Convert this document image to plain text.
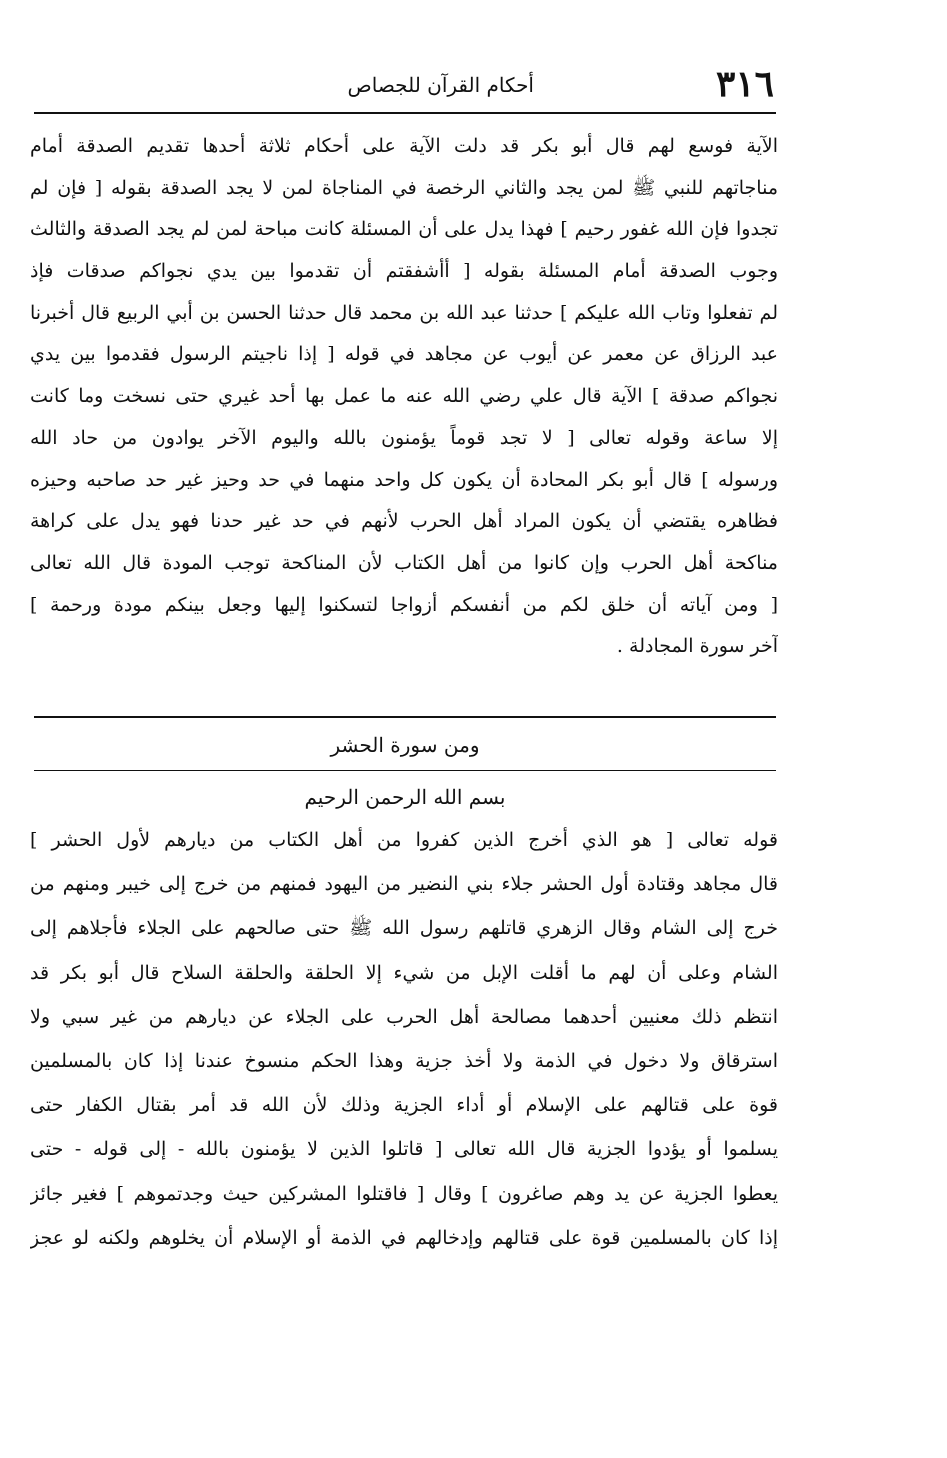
٣١٦
أحكام القرآن للجصاص
الآية فوسع لهم قال أبو بكر قد دلت الآية على أحكام ثلاثة أحدها تقديم الصدقة أمام
مناجاتهم للنبي ﷺ لمن يجد والثاني الرخصة في المناجاة لمن لا يجد الصدقة بقوله [ فإن لم
تجدوا فإن الله غفور رحيم ] فهذا يدل على أن المسئلة كانت مباحة لمن لم يجد الصدقة والثالث
وجوب الصدقة أمام المسئلة بقوله [ أأشفقتم أن تقدموا بين يدي نجواكم صدقات فإذ
لم تفعلوا وتاب الله عليكم ] حدثنا عبد الله بن محمد قال حدثنا الحسن بن أبي الربيع قال أخبرنا
عبد الرزاق عن معمر عن أيوب عن مجاهد في قوله [ إذا ناجيتم الرسول فقدموا بين يدي
نجواكم صدقة ] الآية قال علي رضي الله عنه ما عمل بها أحد غيري حتى نسخت وما كانت
إلا ساعة وقوله تعالى [ لا تجد قوماً يؤمنون بالله واليوم الآخر يوادون من حاد الله
ورسوله ] قال أبو بكر المحادة أن يكون كل واحد منهما في حد وحيز غير حد صاحبه وحيزه
فظاهره يقتضي أن يكون المراد أهل الحرب لأنهم في حد غير حدنا فهو يدل على كراهة
مناكحة أهل الحرب وإن كانوا من أهل الكتاب لأن المناكحة توجب المودة قال الله تعالى
[ ومن آياته أن خلق لكم من أنفسكم أزواجا لتسكنوا إليها وجعل بينكم مودة ورحمة ]
آخر سورة المجادلة .
ومن سورة الحشر
بسم الله الرحمن الرحيم
قوله تعالى [ هو الذي أخرج الذين كفروا من أهل الكتاب من ديارهم لأول الحشر ]
قال مجاهد وقتادة أول الحشر جلاء بني النضير من اليهود فمنهم من خرج إلى خيبر ومنهم من
خرج إلى الشام وقال الزهري قاتلهم رسول الله ﷺ حتى صالحهم على الجلاء فأجلاهم إلى
الشام وعلى أن لهم ما أقلت الإبل من شيء إلا الحلقة والحلقة السلاح قال أبو بكر قد
انتظم ذلك معنيين أحدهما مصالحة أهل الحرب على الجلاء عن ديارهم من غير سبي ولا
استرقاق ولا دخول في الذمة ولا أخذ جزية وهذا الحكم منسوخ عندنا إذا كان بالمسلمين
قوة على قتالهم على الإسلام أو أداء الجزية وذلك لأن الله قد أمر بقتال الكفار حتى
يسلموا أو يؤدوا الجزية قال الله تعالى [ قاتلوا الذين لا يؤمنون بالله - إلى قوله - حتى
يعطوا الجزية عن يد وهم صاغرون ] وقال [ فاقتلوا المشركين حيث وجدتموهم ] فغير جائز
إذا كان بالمسلمين قوة على قتالهم وإدخالهم في الذمة أو الإسلام أن يخلوهم ولكنه لو عجز
